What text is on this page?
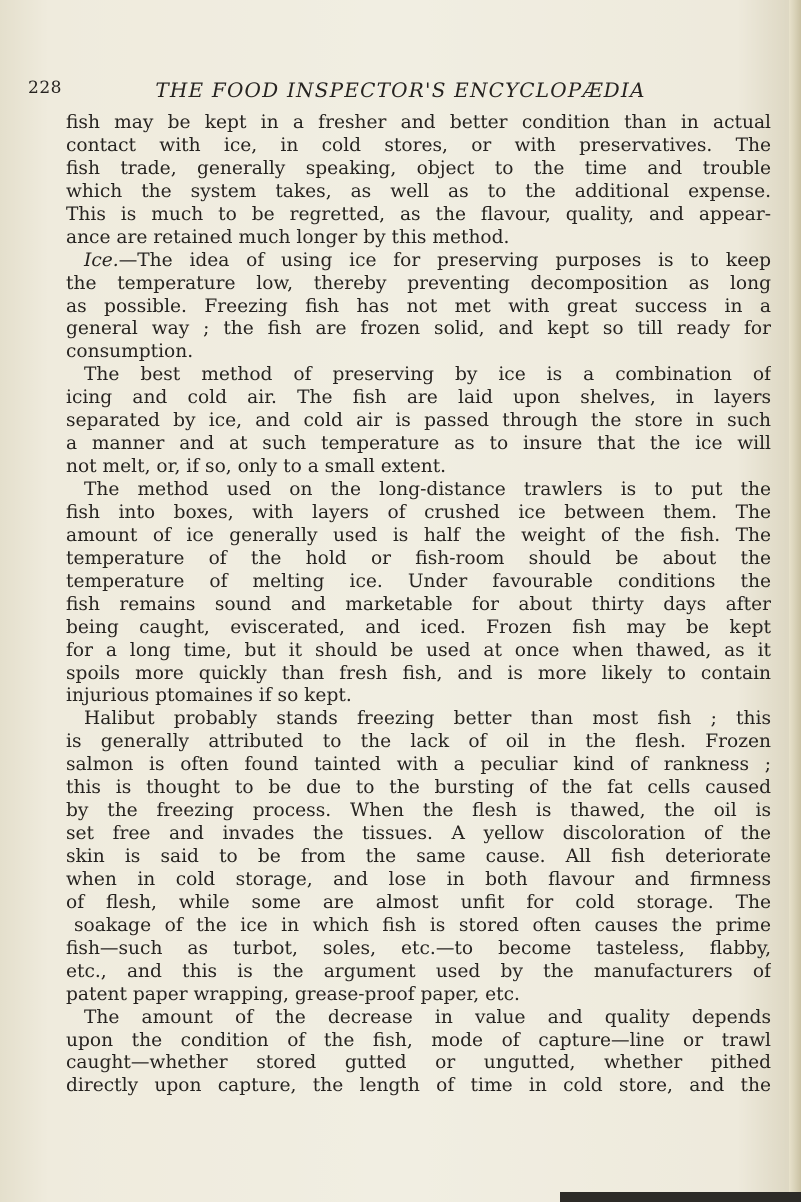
228	THE FOOD INSPECTOR'S ENCYCLOPÆDIA
fish may be kept in a fresher and better condition than in actual
contact with ice, in cold stores, or with preservatives. The
fish trade, generally speaking, object to the time and trouble
which the system takes, as well as to the additional expense.
This is much to be regretted, as the flavour, quality, and appear-
ance are retained much longer by this method.
Ice.—The idea of using ice for preserving purposes is to keep
the temperature low, thereby preventing decomposition as long
as possible. Freezing fish has not met with great success in a
general way ; the fish are frozen solid, and kept so till ready for
consumption.
The best method of preserving by ice is a combination of
icing and cold air. The fish are laid upon shelves, in layers
separated by ice, and cold air is passed through the store in such
a manner and at such temperature as to insure that the ice will
not melt, or, if so, only to a small extent.
The method used on the long-distance trawlers is to put the
fish into boxes, with layers of crushed ice between them. The
amount of ice generally used is half the weight of the fish. The
temperature of the hold or fish-room should be about the
temperature of melting ice. Under favourable conditions the
fish remains sound and marketable for about thirty days after
being caught, eviscerated, and iced. Frozen fish may be kept
for a long time, but it should be used at once when thawed, as it
spoils more quickly than fresh fish, and is more likely to contain
injurious ptomaines if so kept.
Halibut probably stands freezing better than most fish ; this
is generally attributed to the lack of oil in the flesh. Frozen
salmon is often found tainted with a peculiar kind of rankness ;
this is thought to be due to the bursting of the fat cells caused
by the freezing process. When the flesh is thawed, the oil is
set free and invades the tissues. A yellow discoloration of the
skin is said to be from the same cause. All fish deteriorate
when in cold storage, and lose in both flavour and firmness
of flesh, while some are almost unfit for cold storage. The
soakage of the ice in which fish is stored often causes the prime
fish—such as turbot, soles, etc.—to become tasteless, flabby,
etc., and this is the argument used by the manufacturers of
patent paper wrapping, grease-proof paper, etc.
The amount of the decrease in value and quality depends
upon the condition of the fish, mode of capture—line or trawl
caught—whether stored gutted or ungutted, whether pithed
directly upon capture, the length of time in cold store, and the
